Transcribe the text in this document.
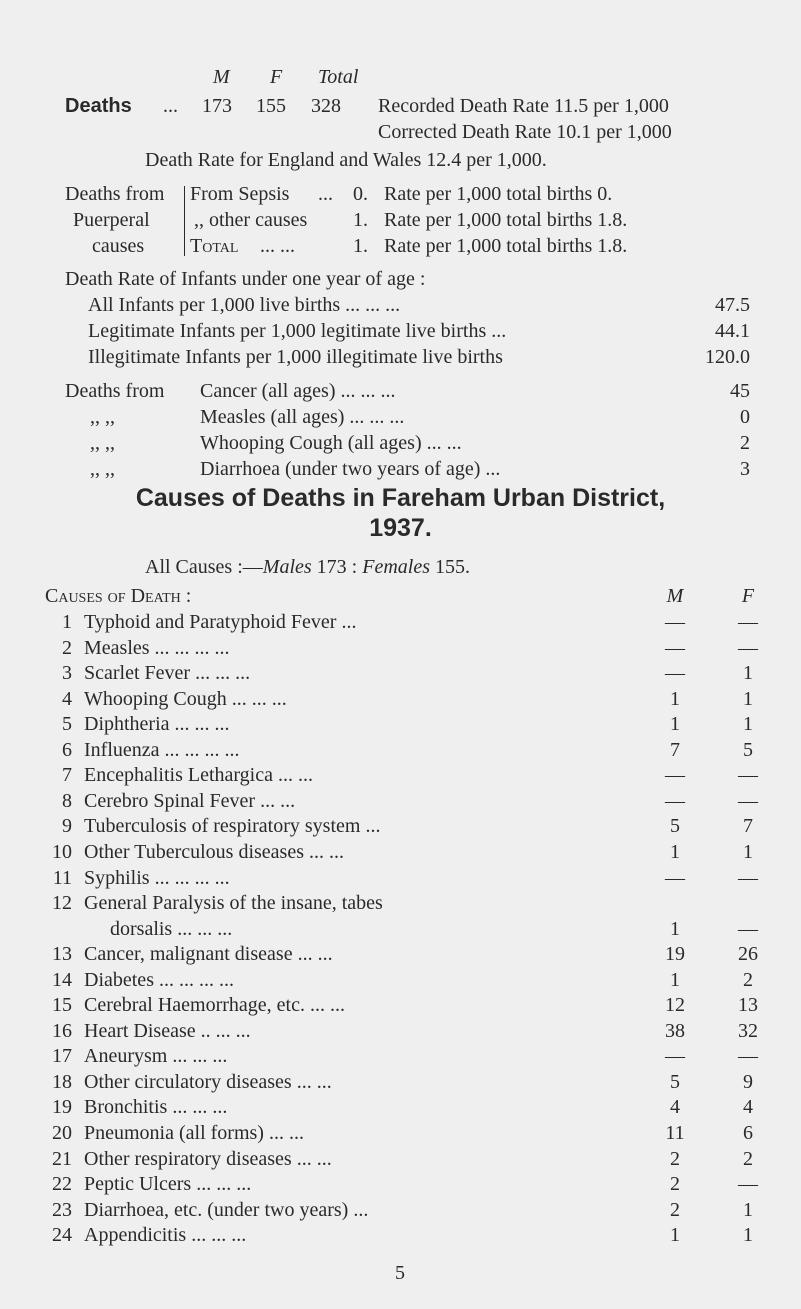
M F Total
Deaths ... 173 155 328 Recorded Death Rate 11.5 per 1,000
Corrected Death Rate 10.1 per 1,000
Death Rate for England and Wales 12.4 per 1,000.
Deaths from
Puerperal
causes
From Sepsis ... 0. Rate per 1,000 total births 0.
,, other causes 1. Rate per 1,000 total births 1.8.
Total ... ...	1. Rate per 1,000 total births 1.8.
Death Rate of Infants under one year of age :
All Infants per 1,000 live births ... ... ...	47.5
Legitimate Infants per 1,000 legitimate live births ...	44.1
Illegitimate Infants per 1,000 illegitimate live births	120.0
Deaths from Cancer (all ages) ... ... ...	45
,, ,,	Measles (all ages) ... ... ...	0
,, ,,	Whooping Cough (all ages) ... ...	2
,, ,,	Diarrhoea (under two years of age) ...	3
Causes of Deaths in Fareham Urban District,
1937.
All Causes :—Males 173 : Females 155.
Causes of Death :	M	F
1 Typhoid and Paratyphoid Fever ...	—	—
2 Measles ... ... ... ...	—	—
3 Scarlet Fever ... ... ...	—	1
4 Whooping Cough ... ... ...	1	1
5 Diphtheria ... ... ...	1	1
6 Influenza ... ... ... ...	7	5
7 Encephalitis Lethargica ... ...	—	—
8 Cerebro Spinal Fever ... ...	—	—
9 Tuberculosis of respiratory system ...	5	7
10 Other Tuberculous diseases ... ...	1	1
11 Syphilis ... ... ... ...	—	—
12 General Paralysis of the insane, tabes
dorsalis ... ... ...	1	—
13 Cancer, malignant disease ... ...	19	26
14 Diabetes ... ... ... ...	1	2
15 Cerebral Haemorrhage, etc. ... ...	12	13
16 Heart Disease .. ... ...	38	32
17 Aneurysm ... ... ...	—	—
18 Other circulatory diseases ... ...	5	9
19 Bronchitis ... ... ...	4	4
20 Pneumonia (all forms) ... ...	11	6
21 Other respiratory diseases ... ...	2	2
22 Peptic Ulcers ... ... ...	2	—
23 Diarrhoea, etc. (under two years) ...	2	1
24 Appendicitis ... ... ...	1	1
5
